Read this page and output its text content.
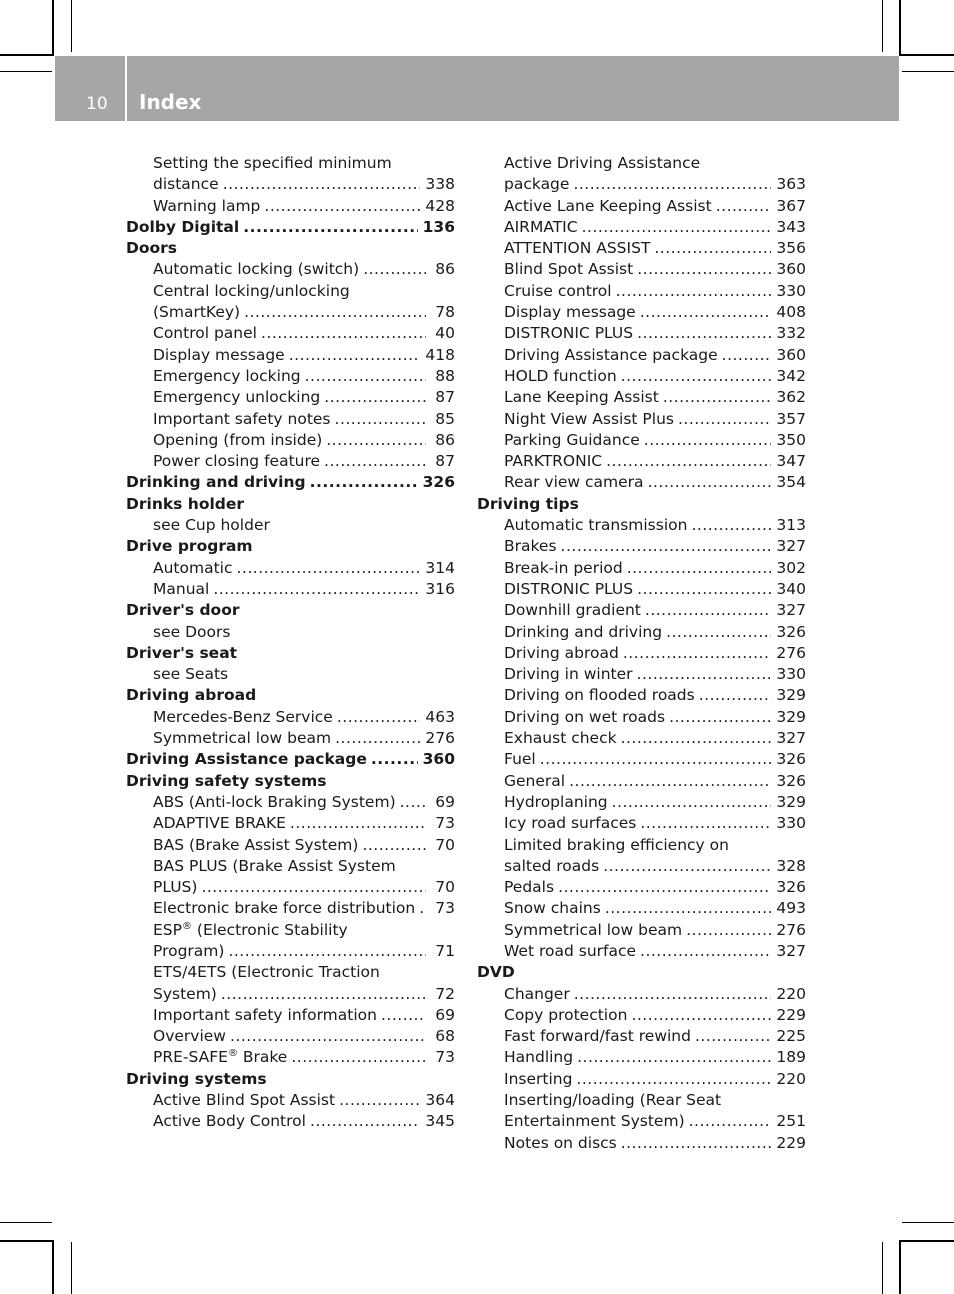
10 Index
Setting the specified minimum
distance .....	338
Warning lamp .....	428
Dolby Digital .....	136
Doors
Automatic locking (switch) .....	86
Central locking/unlocking
(SmartKey) .....	78
Control panel .....	40
Display message .....	418
Emergency locking .....	88
Emergency unlocking .....	87
Important safety notes .....	85
Opening (from inside) .....	86
Power closing feature .....	87
Drinking and driving .....	326
Drinks holder
see Cup holder
Drive program
Automatic .....	314
Manual .....	316
Driver's door
see Doors
Driver's seat
see Seats
Driving abroad
Mercedes-Benz Service .....	463
Symmetrical low beam .....	276
Driving Assistance package .....	360
Driving safety systems
ABS (Anti-lock Braking System) .....	69
ADAPTIVE BRAKE .....	73
BAS (Brake Assist System) .....	70
BAS PLUS (Brake Assist System
PLUS) .....	70
Electronic brake force distribution ..... 73
ESP® (Electronic Stability
Program) .....	71
ETS/4ETS (Electronic Traction
System) .....	72
Important safety information .....	69
Overview .....	68
PRE-SAFE® Brake .....	73
Driving systems
Active Blind Spot Assist .....	364
Active Body Control .....	345
Active Driving Assistance
package .....	363
Active Lane Keeping Assist .....	367
AIRMATIC .....	343
ATTENTION ASSIST .....	356
Blind Spot Assist .....	360
Cruise control .....	330
Display message .....	408
DISTRONIC PLUS .....	332
Driving Assistance package .....	360
HOLD function .....	342
Lane Keeping Assist .....	362
Night View Assist Plus .....	357
Parking Guidance .....	350
PARKTRONIC .....	347
Rear view camera .....	354
Driving tips
Automatic transmission .....	313
Brakes .....	327
Break-in period .....	302
DISTRONIC PLUS .....	340
Downhill gradient .....	327
Drinking and driving .....	326
Driving abroad .....	276
Driving in winter .....	330
Driving on flooded roads .....	329
Driving on wet roads .....	329
Exhaust check .....	327
Fuel .....	326
General .....	326
Hydroplaning .....	329
Icy road surfaces .....	330
Limited braking efficiency on
salted roads .....	328
Pedals .....	326
Snow chains .....	493
Symmetrical low beam .....	276
Wet road surface .....	327
DVD
Changer .....	220
Copy protection .....	229
Fast forward/fast rewind .....	225
Handling .....	189
Inserting .....	220
Inserting/loading (Rear Seat
Entertainment System) .....	251
Notes on discs .....	229
